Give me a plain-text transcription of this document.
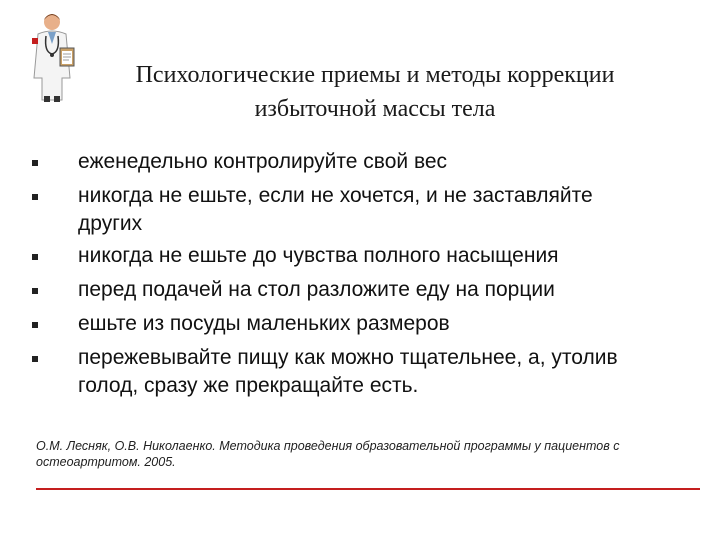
Психологические приемы и методы коррекции
избыточной массы тела
еженедельно контролируйте свой вес
никогда не ешьте, если не хочется, и не заставляйте других
никогда не ешьте до чувства полного насыщения
перед подачей на стол разложите еду на порции
ешьте из посуды маленьких размеров
пережевывайте пищу как можно тщательнее, а, утолив голод, сразу же прекращайте есть.
О.М. Лесняк, О.В. Николаенко. Методика проведения образовательной программы у пациентов с остеоартритом. 2005.
